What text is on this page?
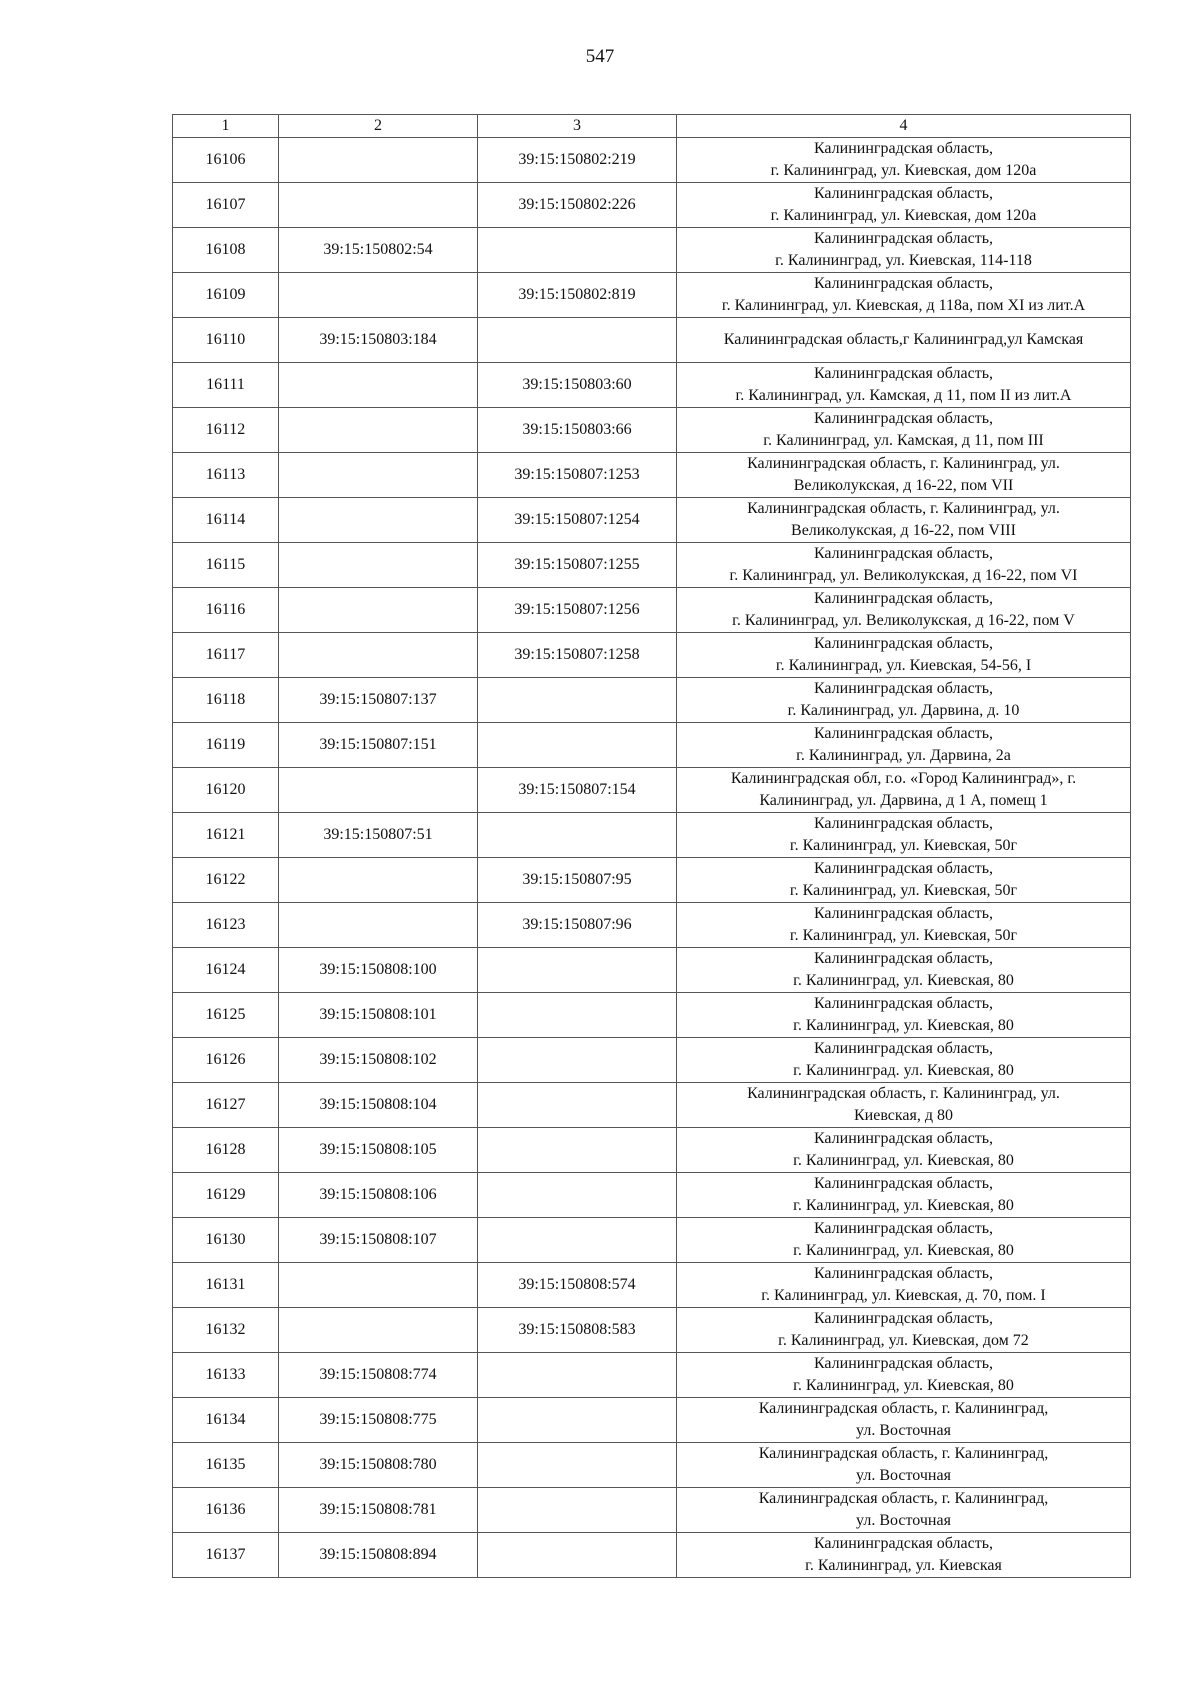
547
1	2	3	4
16106		39:15:150802:219	Калининградская область,
г. Калининград, ул. Киевская, дом 120а

16107		39:15:150802:226	Калининградская область,
г. Калининград, ул. Киевская, дом 120а

16108	39:15:150802:54		Калининградская область,
г. Калининград, ул. Киевская, 114-118

16109		39:15:150802:819	Калининградская область,
г. Калининград, ул. Киевская, д 118а, пом XI из лит.А

16110	39:15:150803:184		Калининградская область,г Калининград,ул Камская

16111		39:15:150803:60	Калининградская область,
г. Калининград, ул. Камская, д 11, пом II из лит.А

16112		39:15:150803:66	Калининградская область,
г. Калининград, ул. Камская, д 11, пом III

16113		39:15:150807:1253	Калининградская область, г. Калининград, ул.
Великолукская, д 16-22, пом VII

16114		39:15:150807:1254	Калининградская область, г. Калининград, ул.
Великолукская, д 16-22, пом VIII

16115		39:15:150807:1255	Калининградская область,
г. Калининград, ул. Великолукская, д 16-22, пом VI

16116		39:15:150807:1256	Калининградская область,
г. Калининград, ул. Великолукская, д 16-22, пом V

16117		39:15:150807:1258	Калининградская область,
г. Калининград, ул. Киевская, 54-56, I

16118	39:15:150807:137		Калининградская область,
г. Калининград, ул. Дарвина, д. 10

16119	39:15:150807:151		Калининградская область,
г. Калининград, ул. Дарвина, 2а

16120		39:15:150807:154	Калининградская обл, г.о. «Город Калининград», г.
Калининград, ул. Дарвина, д 1 А, помещ 1

16121	39:15:150807:51		Калининградская область,
г. Калининград, ул. Киевская, 50г

16122		39:15:150807:95	Калининградская область,
г. Калининград, ул. Киевская, 50г

16123		39:15:150807:96	Калининградская область,
г. Калининград, ул. Киевская, 50г

16124	39:15:150808:100		Калининградская область,
г. Калининград, ул. Киевская, 80

16125	39:15:150808:101		Калининградская область,
г. Калининград, ул. Киевская, 80

16126	39:15:150808:102		Калининградская область,
г. Калининград. ул. Киевская, 80

16127	39:15:150808:104		Калининградская область, г. Калининград, ул.
Киевская, д 80

16128	39:15:150808:105		Калининградская область,
г. Калининград, ул. Киевская, 80

16129	39:15:150808:106		Калининградская область,
г. Калининград, ул. Киевская, 80

16130	39:15:150808:107		Калининградская область,
г. Калининград, ул. Киевская, 80

16131		39:15:150808:574	Калининградская область,
г. Калининград, ул. Киевская, д. 70, пом. I

16132		39:15:150808:583	Калининградская область,
г. Калининград, ул. Киевская, дом 72

16133	39:15:150808:774		Калининградская область,
г. Калининград, ул. Киевская, 80

16134	39:15:150808:775		Калининградская область, г. Калининград,
ул. Восточная

16135	39:15:150808:780		Калининградская область, г. Калининград,
ул. Восточная

16136	39:15:150808:781		Калининградская область, г. Калининград,
ул. Восточная

16137	39:15:150808:894		Калининградская область,
г. Калининград, ул. Киевская
